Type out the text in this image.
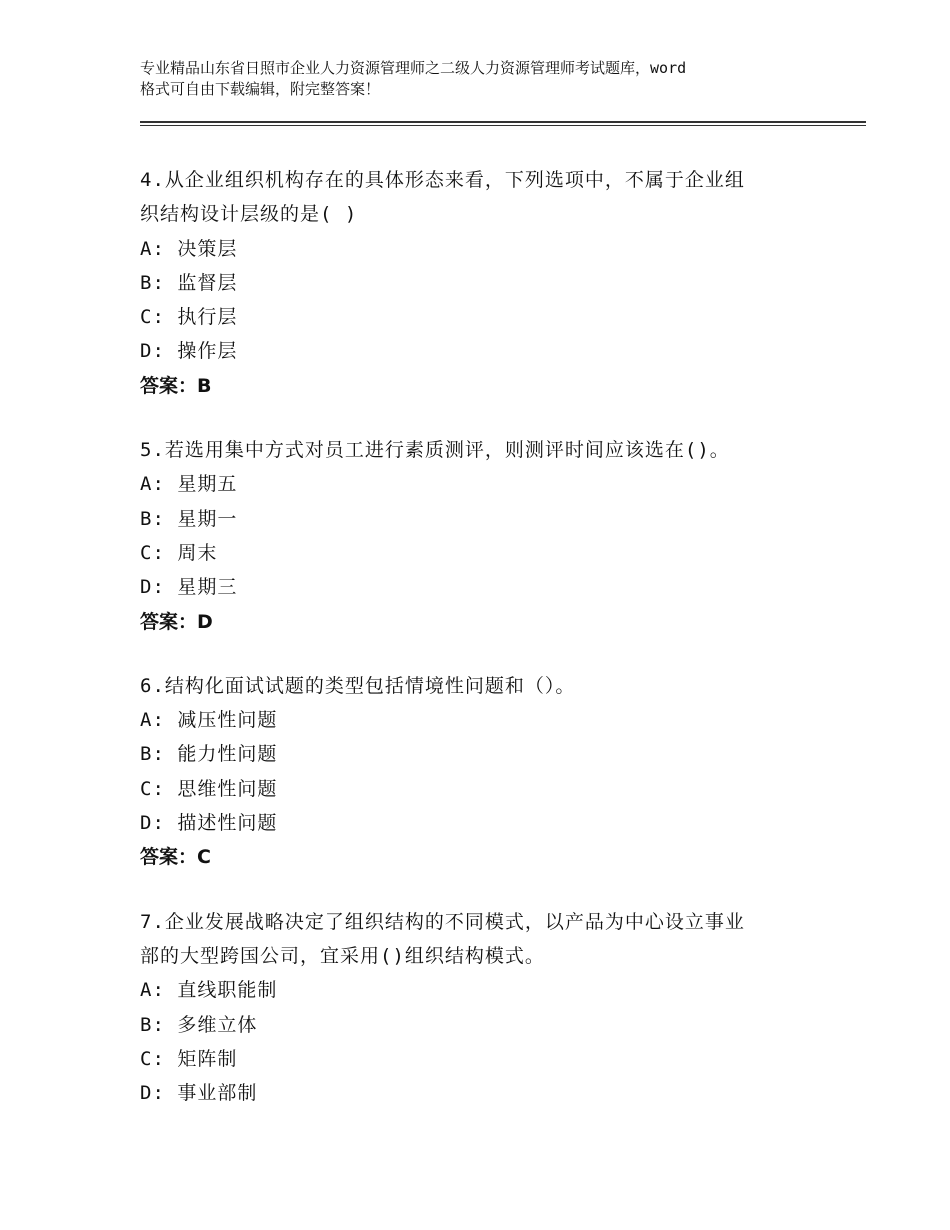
专业精品山东省日照市企业人力资源管理师之二级人力资源管理师考试题库，word
格式可自由下载编辑，附完整答案！
4.从企业组织机构存在的具体形态来看，下列选项中，不属于企业组
织结构设计层级的是( )
A: 决策层
B: 监督层
C: 执行层
D: 操作层
答案：B
5.若选用集中方式对员工进行素质测评，则测评时间应该选在()。
A: 星期五
B: 星期一
C: 周末
D: 星期三
答案：D
6.结构化面试试题的类型包括情境性问题和（）。
A: 减压性问题
B: 能力性问题
C: 思维性问题
D: 描述性问题
答案：C
7.企业发展战略决定了组织结构的不同模式，以产品为中心设立事业
部的大型跨国公司，宜采用()组织结构模式。
A: 直线职能制
B: 多维立体
C: 矩阵制
D: 事业部制
